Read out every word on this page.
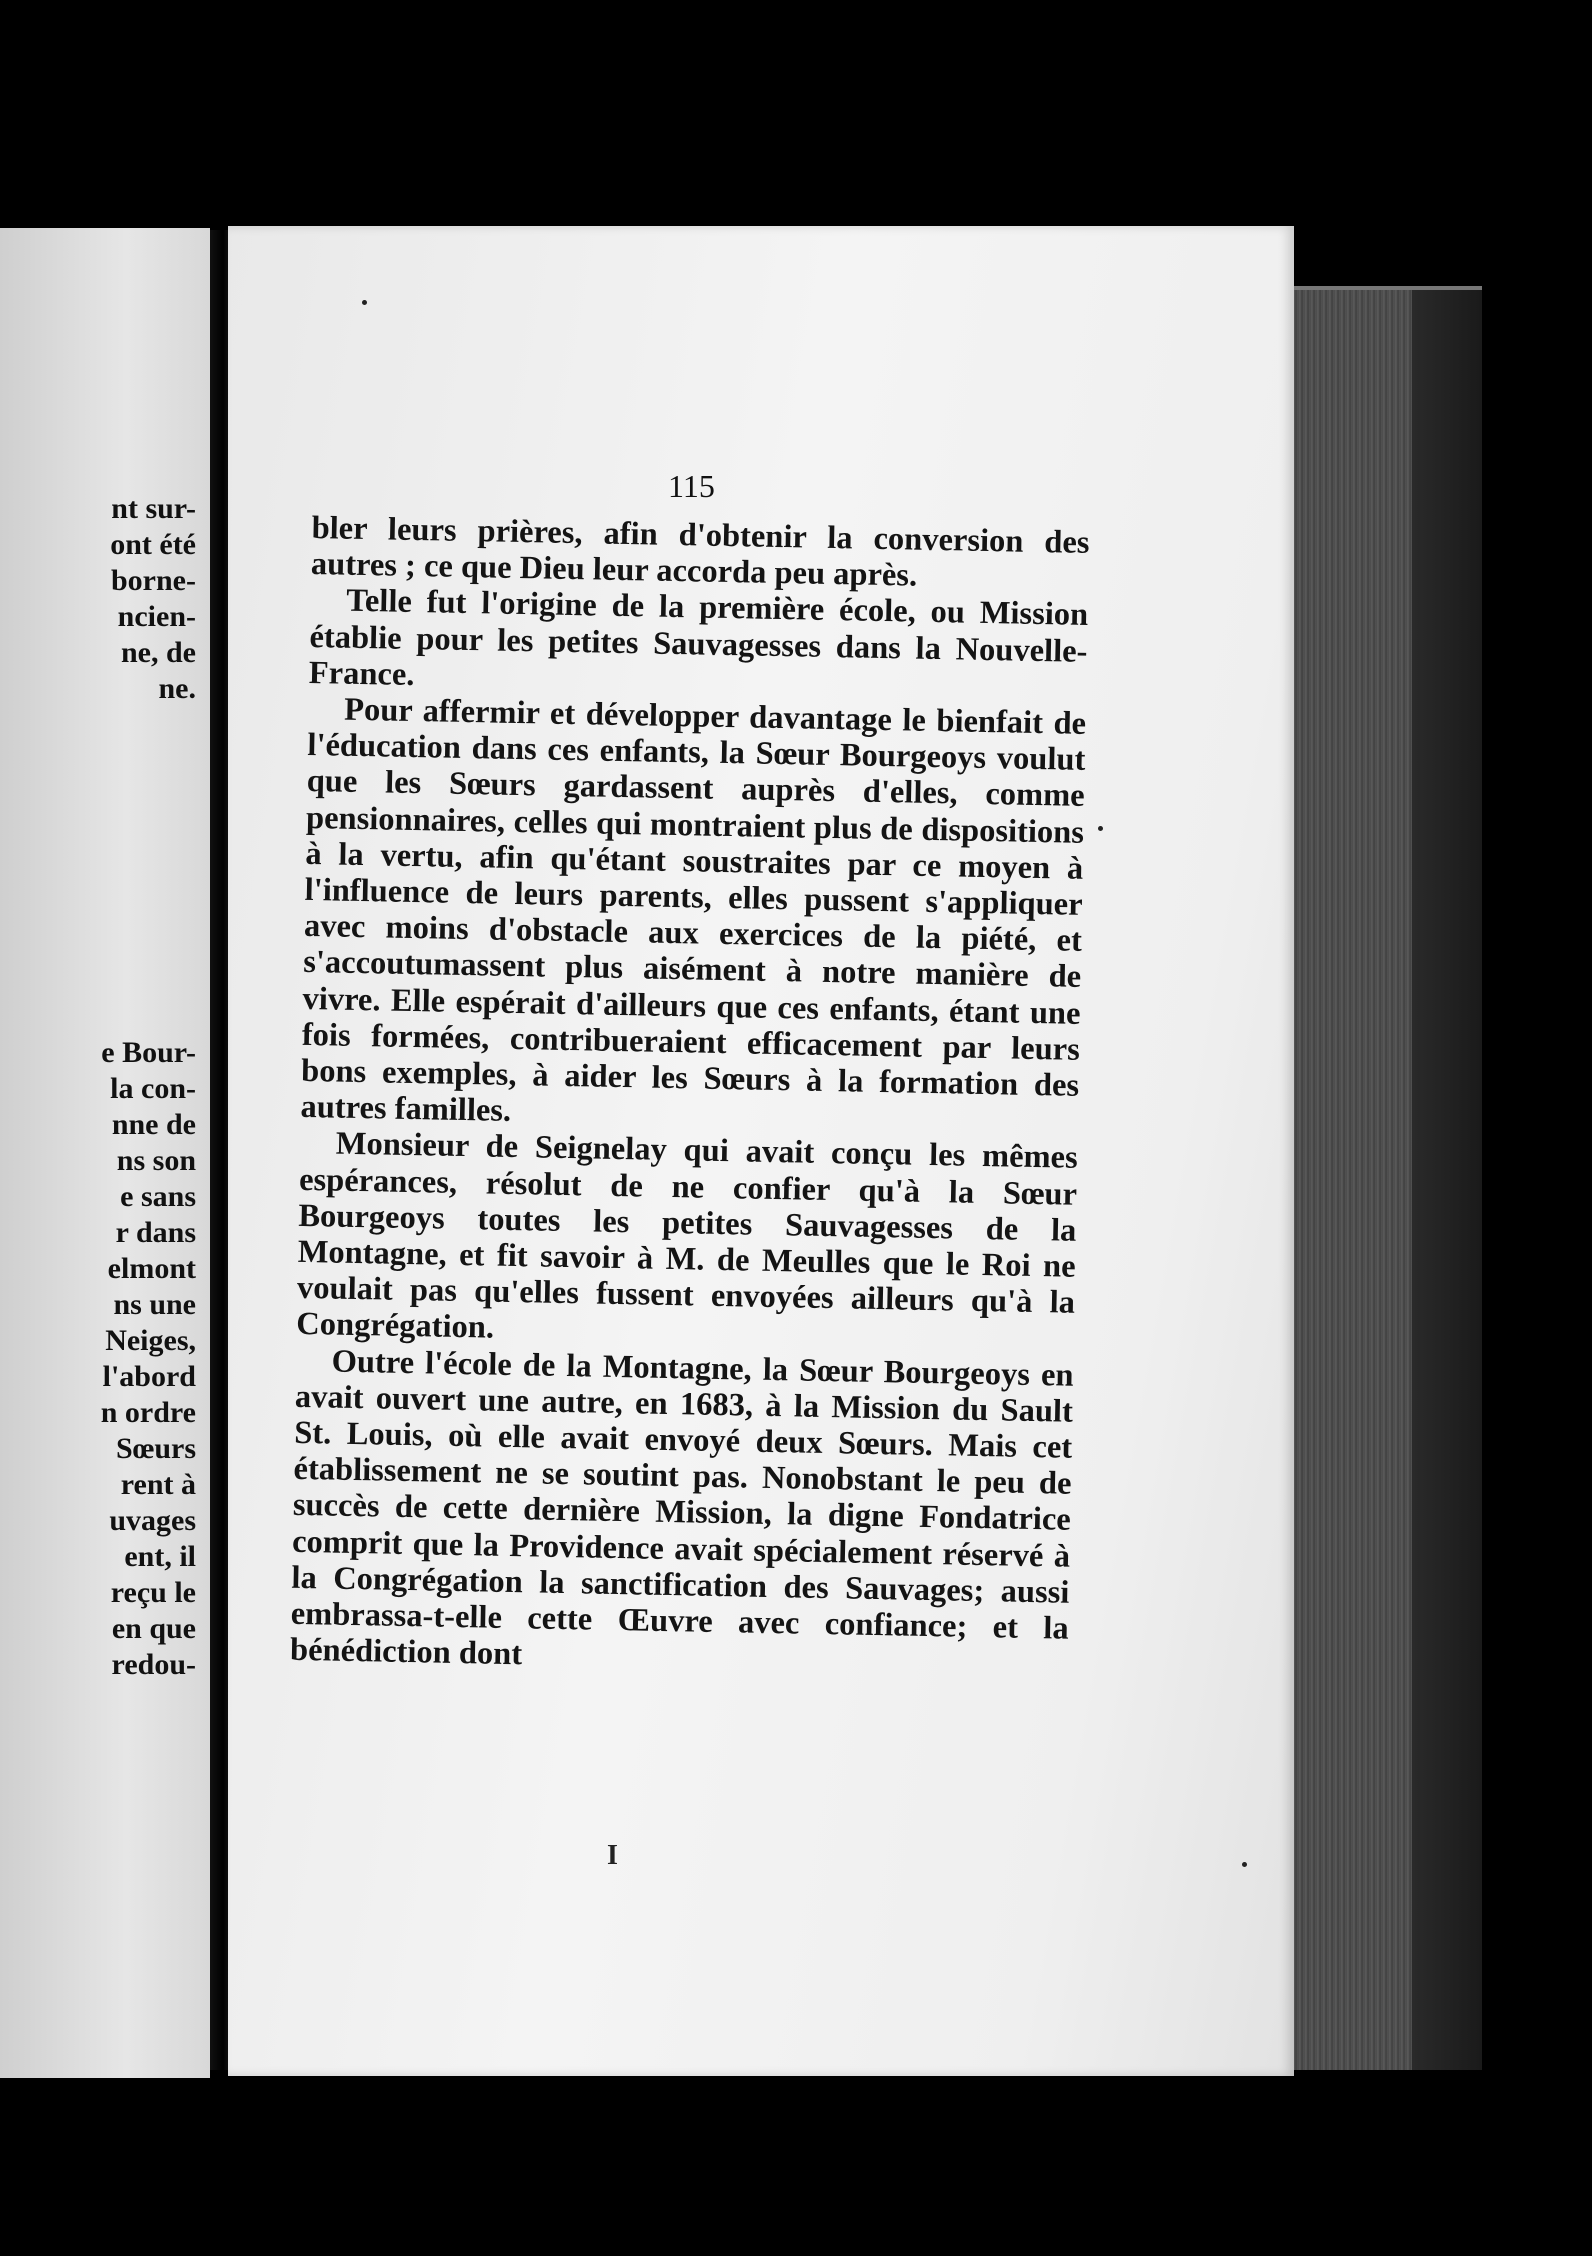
nt sur-
ont été
borne-
ncien-
ne, de
ne.
e Bour-
la con-
nne de
ns son
e sans
r dans
elmont
ns une
Neiges,
l'abord
n ordre
Sœurs
rent à
uvages
ent, il
reçu le
en que
redou-
115

bler leurs prières, afin d'obtenir la conversion des autres ; ce que Dieu leur accorda peu après.

Telle fut l'origine de la première école, ou Mission établie pour les petites Sauvagesses dans la Nouvelle-France.

Pour affermir et développer davantage le bienfait de l'éducation dans ces enfants, la Sœur Bourgeoys voulut que les Sœurs gardassent auprès d'elles, comme pensionnaires, celles qui montraient plus de dispositions à la vertu, afin qu'étant soustraites par ce moyen à l'influence de leurs parents, elles pussent s'appliquer avec moins d'obstacle aux exercices de la piété, et s'accoutumassent plus aisément à notre manière de vivre. Elle espérait d'ailleurs que ces enfants, étant une fois formées, contribueraient efficacement par leurs bons exemples, à aider les Sœurs à la formation des autres familles.

Monsieur de Seignelay qui avait conçu les mêmes espérances, résolut de ne confier qu'à la Sœur Bourgeoys toutes les petites Sauvagesses de la Montagne, et fit savoir à M. de Meulles que le Roi ne voulait pas qu'elles fussent envoyées ailleurs qu'à la Congrégation.

Outre l'école de la Montagne, la Sœur Bourgeoys en avait ouvert une autre, en 1683, à la Mission du Sault St. Louis, où elle avait envoyé deux Sœurs. Mais cet établissement ne se soutint pas. Nonobstant le peu de succès de cette dernière Mission, la digne Fondatrice comprit que la Providence avait spécialement réservé à la Congrégation la sanctification des Sauvages; aussi embrassa-t-elle cette Œuvre avec confiance; et la bénédiction dont

I
